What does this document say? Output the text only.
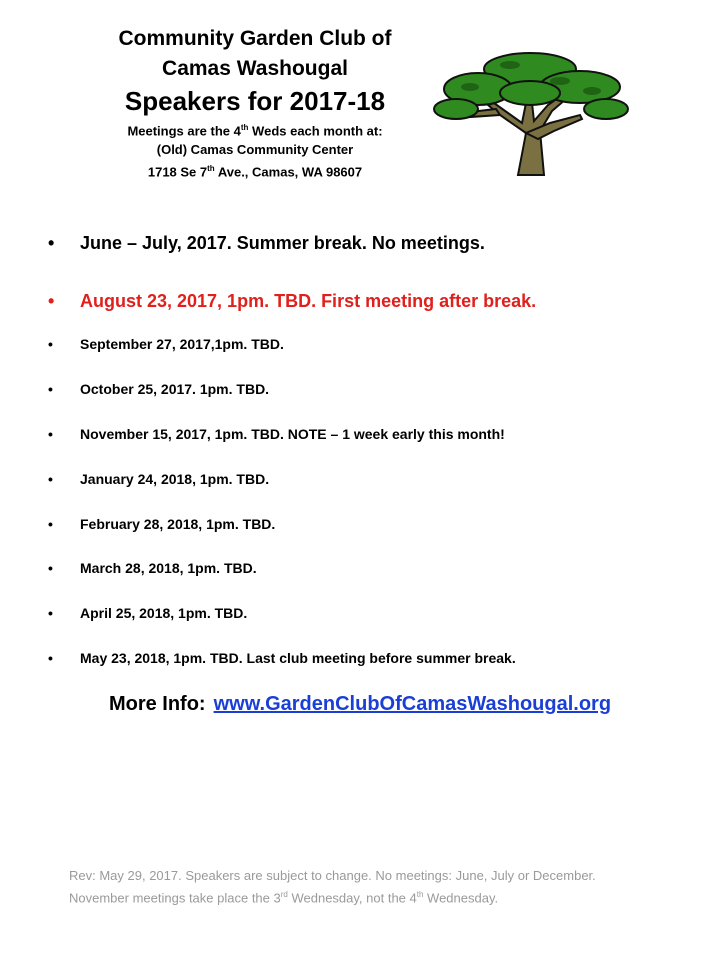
Community Garden Club of
Camas Washougal
Speakers for 2017-18
Meetings are the 4th Weds each month at:
(Old) Camas Community Center
1718 Se 7th Ave., Camas, WA 98607
• June – July, 2017. Summer break. No meetings.
• August 23, 2017, 1pm. TBD. First meeting after break.
• September 27, 2017,1pm. TBD.
• October 25, 2017. 1pm. TBD.
• November 15, 2017, 1pm. TBD. NOTE – 1 week early this month!
• January 24, 2018, 1pm. TBD.
• February 28, 2018, 1pm. TBD.
• March 28, 2018, 1pm. TBD.
• April 25, 2018, 1pm. TBD.
• May 23, 2018, 1pm. TBD. Last club meeting before summer break.
More Info: www.GardenClubOfCamasWashougal.org
Rev: May 29, 2017. Speakers are subject to change. No meetings: June, July or December.
November meetings take place the 3rd Wednesday, not the 4th Wednesday.
